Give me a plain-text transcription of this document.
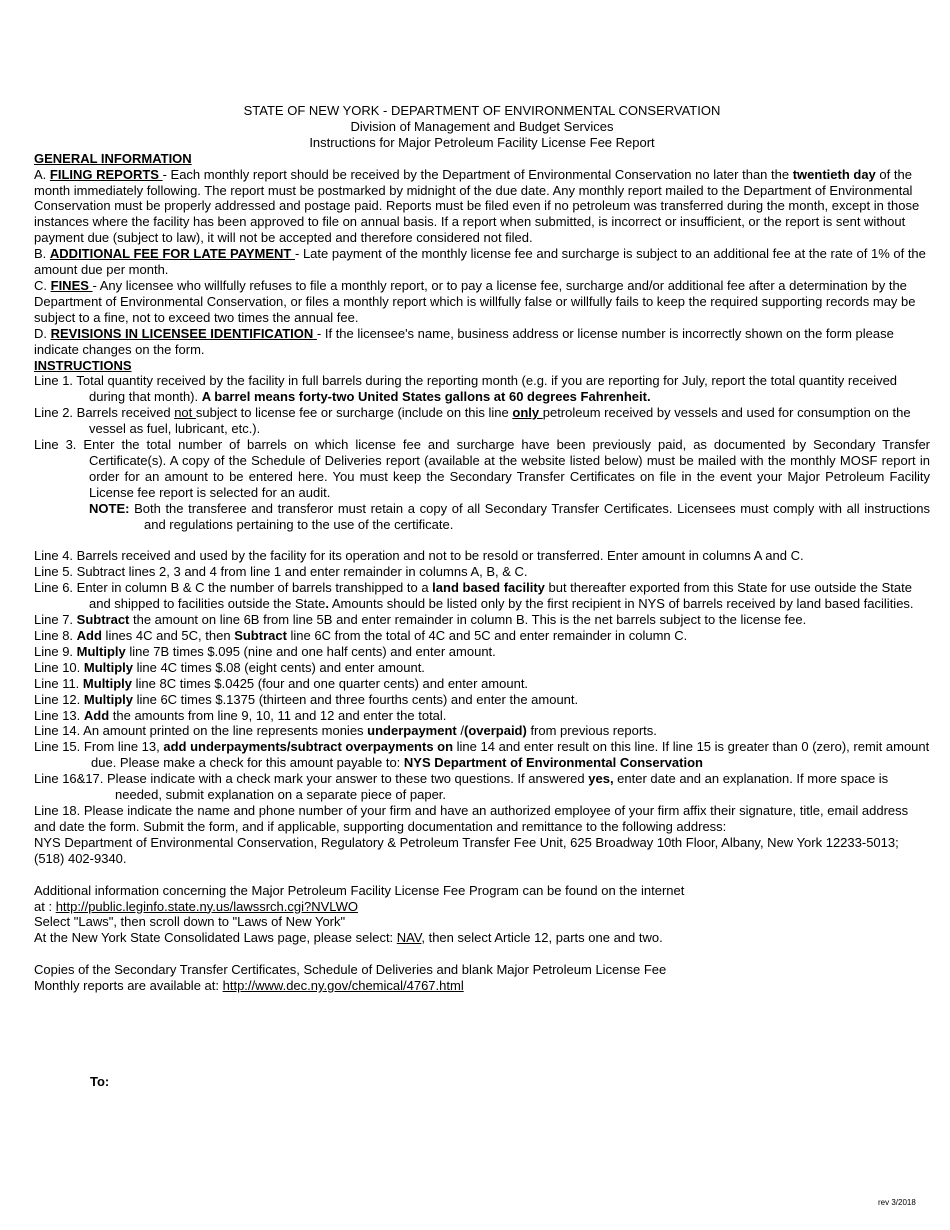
STATE OF NEW YORK - DEPARTMENT OF ENVIRONMENTAL CONSERVATION
Division of Management and Budget Services
Instructions for Major Petroleum Facility License Fee Report
GENERAL INFORMATION
A. FILING REPORTS - Each monthly report should be received by the Department of Environmental Conservation no later than the twentieth day of the month immediately following. The report must be postmarked by midnight of the due date. Any monthly report mailed to the Department of Environmental Conservation must be properly addressed and postage paid. Reports must be filed even if no petroleum was transferred during the month, except in those instances where the facility has been approved to file on annual basis. If a report when submitted, is incorrect or insufficient, or the report is sent without payment due (subject to law), it will not be accepted and therefore considered not filed.
B. ADDITIONAL FEE FOR LATE PAYMENT - Late payment of the monthly license fee and surcharge is subject to an additional fee at the rate of 1% of the amount due per month.
C. FINES - Any licensee who willfully refuses to file a monthly report, or to pay a license fee, surcharge and/or additional fee after a determination by the Department of Environmental Conservation, or files a monthly report which is willfully false or willfully fails to keep the required supporting records may be subject to a fine, not to exceed two times the annual fee.
D. REVISIONS IN LICENSEE IDENTIFICATION - If the licensee's name, business address or license number is incorrectly shown on the form please indicate changes on the form.
INSTRUCTIONS
Line 1. Total quantity received by the facility in full barrels during the reporting month (e.g. if you are reporting for July, report the total quantity received during that month). A barrel means forty-two United States gallons at 60 degrees Fahrenheit.
Line 2. Barrels received not subject to license fee or surcharge (include on this line only petroleum received by vessels and used for consumption on the vessel as fuel, lubricant, etc.).
Line 3. Enter the total number of barrels on which license fee and surcharge have been previously paid, as documented by Secondary Transfer Certificate(s). A copy of the Schedule of Deliveries report (available at the website listed below) must be mailed with the monthly MOSF report in order for an amount to be entered here. You must keep the Secondary Transfer Certificates on file in the event your Major Petroleum Facility License fee report is selected for an audit.
NOTE: Both the transferee and transferor must retain a copy of all Secondary Transfer Certificates. Licensees must comply with all instructions and regulations pertaining to the use of the certificate.
Line 4. Barrels received and used by the facility for its operation and not to be resold or transferred. Enter amount in columns A and C.
Line 5. Subtract lines 2, 3 and 4 from line 1 and enter remainder in columns A, B, & C.
Line 6. Enter in column B & C the number of barrels transhipped to a land based facility but thereafter exported from this State for use outside the State and shipped to facilities outside the State. Amounts should be listed only by the first recipient in NYS of barrels received by land based facilities.
Line 7. Subtract the amount on line 6B from line 5B and enter remainder in column B. This is the net barrels subject to the license fee.
Line 8. Add lines 4C and 5C, then Subtract line 6C from the total of 4C and 5C and enter remainder in column C.
Line 9. Multiply line 7B times $.095 (nine and one half cents) and enter amount.
Line 10. Multiply line 4C times $.08 (eight cents) and enter amount.
Line 11. Multiply line 8C times $.0425 (four and one quarter cents) and enter amount.
Line 12. Multiply line 6C times $.1375 (thirteen and three fourths cents) and enter the amount.
Line 13. Add the amounts from line 9, 10, 11 and 12 and enter the total.
Line 14. An amount printed on the line represents monies underpayment /(overpaid) from previous reports.
Line 15. From line 13, add underpayments/subtract overpayments on line 14 and enter result on this line. If line 15 is greater than 0 (zero), remit amount due. Please make a check for this amount payable to: NYS Department of Environmental Conservation
Line 16&17. Please indicate with a check mark your answer to these two questions. If answered yes, enter date and an explanation. If more space is needed, submit explanation on a separate piece of paper.
Line 18. Please indicate the name and phone number of your firm and have an authorized employee of your firm affix their signature, title, email address and date the form. Submit the form, and if applicable, supporting documentation and remittance to the following address:
NYS Department of Environmental Conservation, Regulatory & Petroleum Transfer Fee Unit, 625 Broadway 10th Floor, Albany, New York 12233-5013; (518) 402-9340.
Additional information concerning the Major Petroleum Facility License Fee Program can be found on the internet
at : http://public.leginfo.state.ny.us/lawssrch.cgi?NVLWO
Select "Laws", then scroll down to "Laws of New York"
At the New York State Consolidated Laws page, please select: NAV, then select Article 12, parts one and two.
Copies of the Secondary Transfer Certificates, Schedule of Deliveries and blank Major Petroleum License Fee
Monthly reports are available at: http://www.dec.ny.gov/chemical/4767.html
To:
rev 3/2018
